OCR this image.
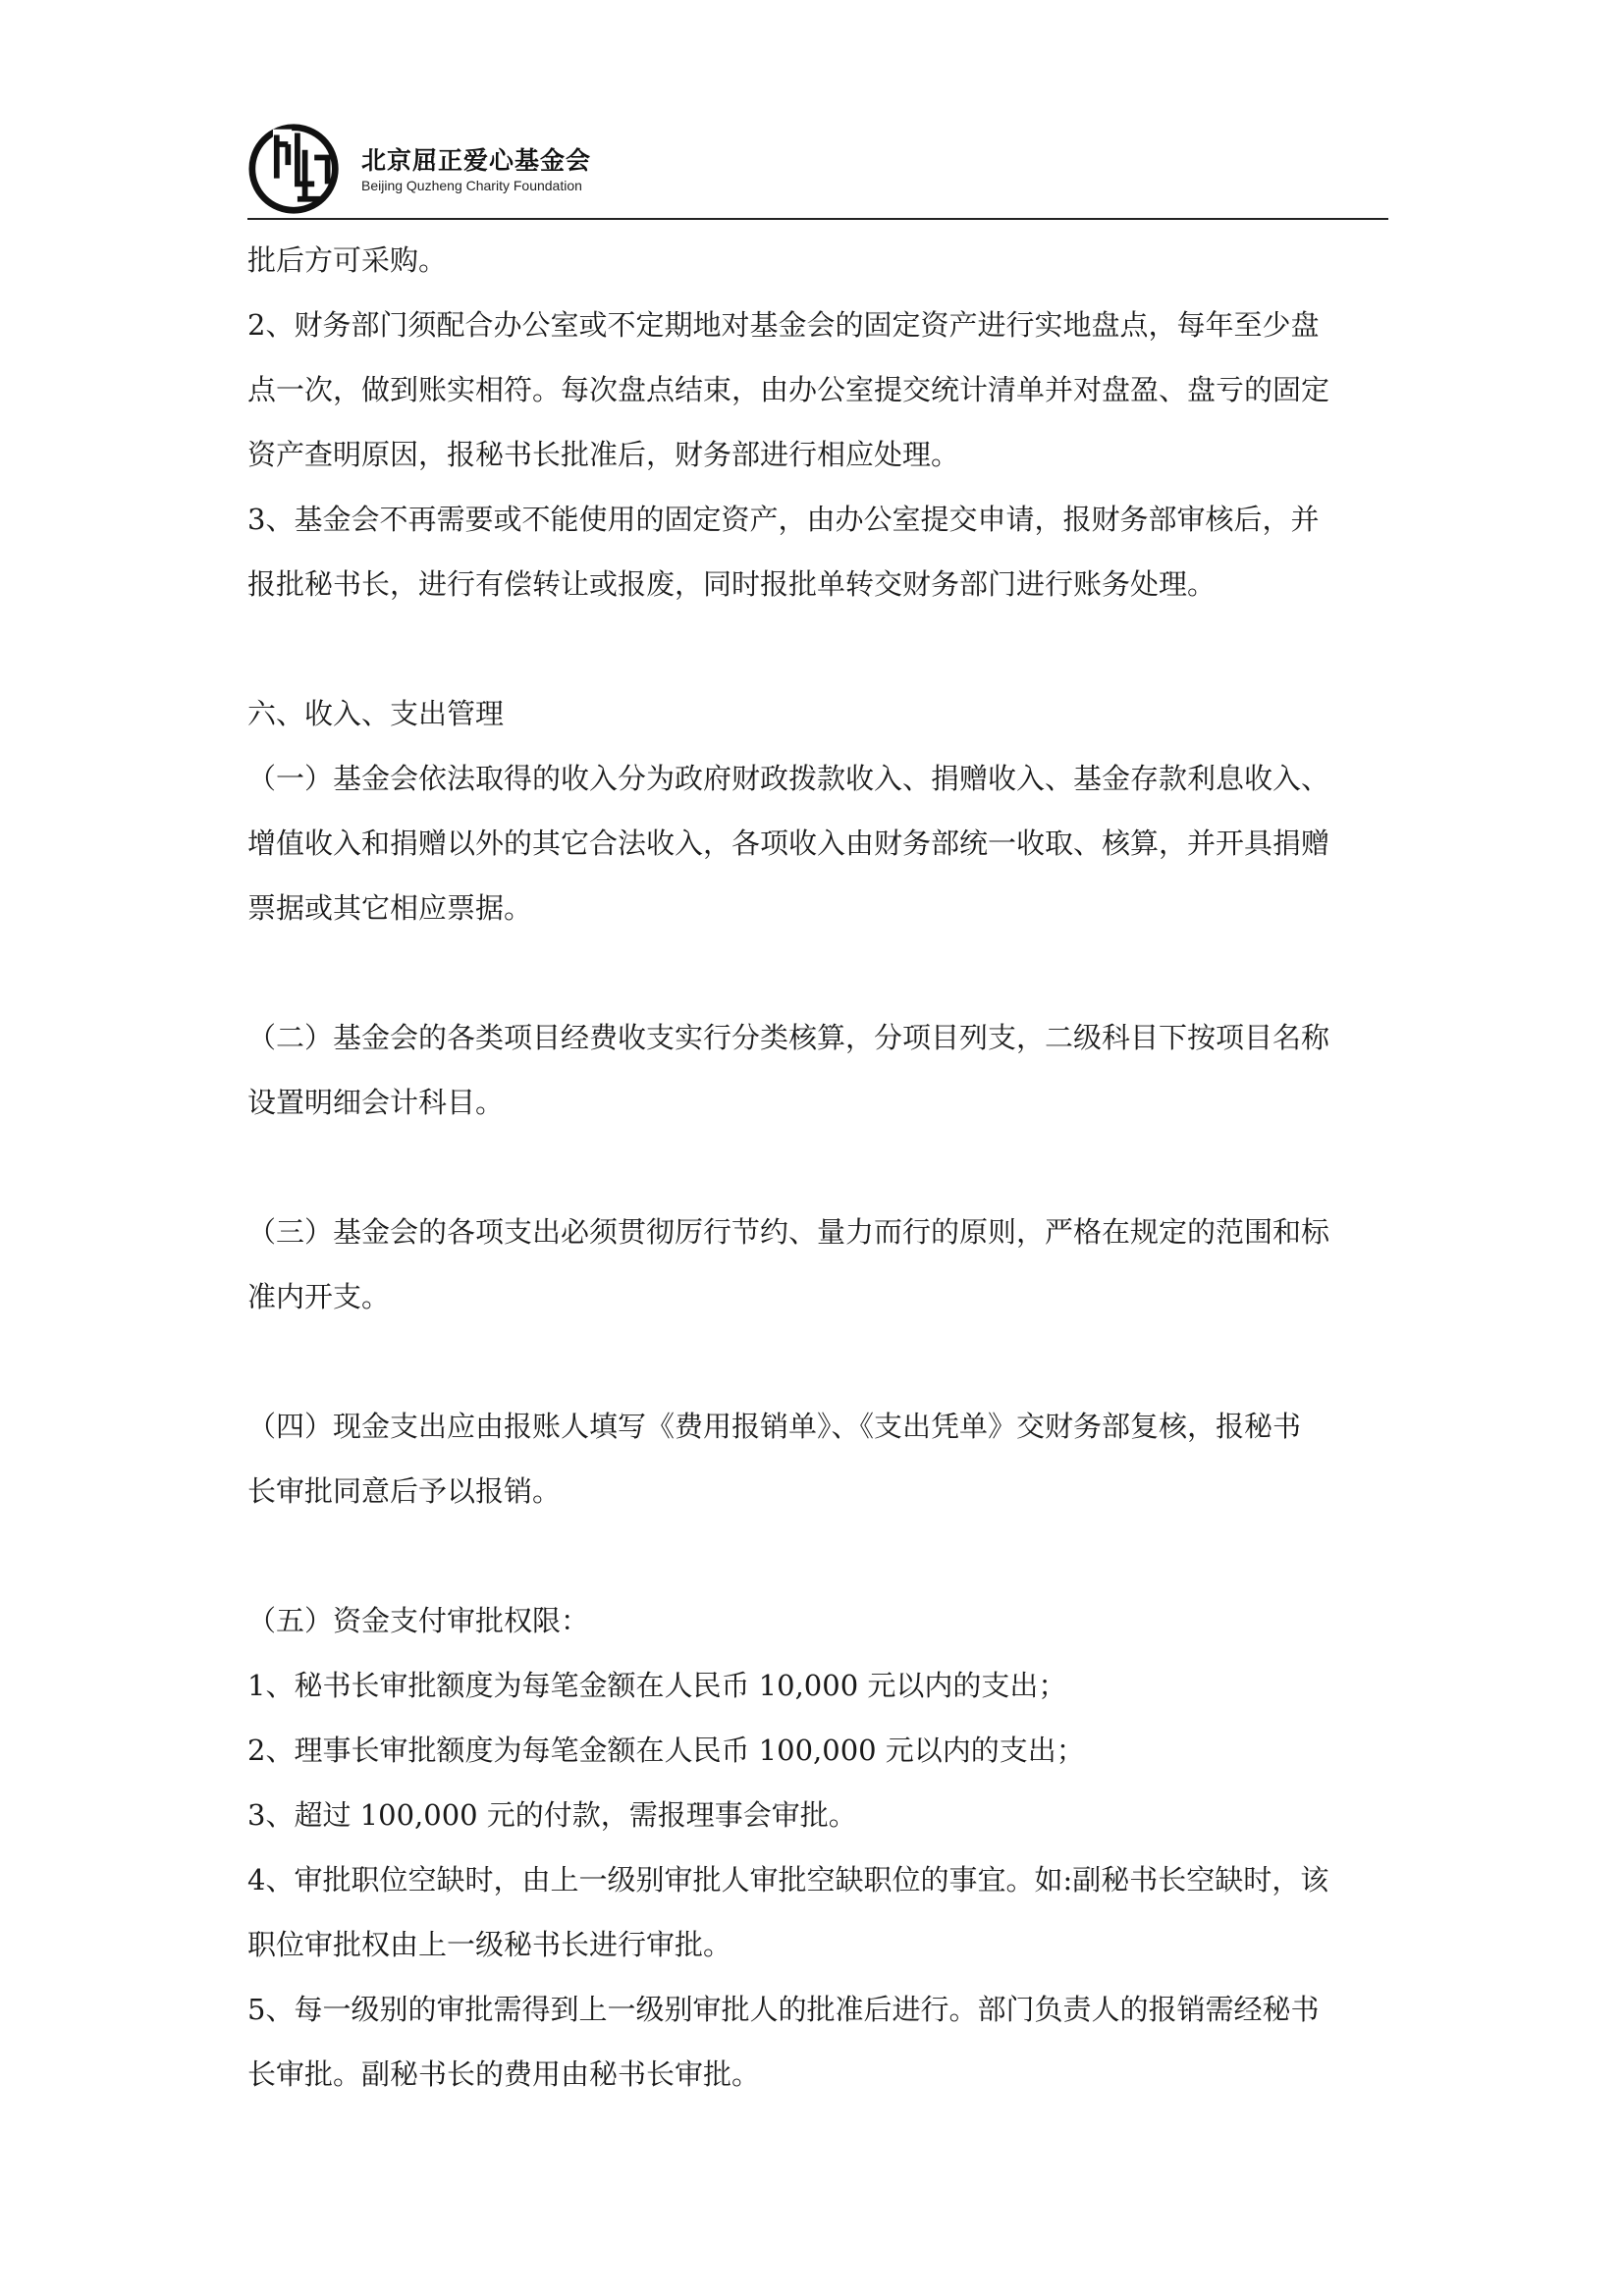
北京屈正爱心基金会
Beijing Quzheng Charity Foundation

批后方可采购。

2、财务部门须配合办公室或不定期地对基金会的固定资产进行实地盘点，每年至少盘

点一次，做到账实相符。每次盘点结束，由办公室提交统计清单并对盘盈、盘亏的固定

资产查明原因，报秘书长批准后，财务部进行相应处理。

3、基金会不再需要或不能使用的固定资产，由办公室提交申请，报财务部审核后，并

报批秘书长，进行有偿转让或报废，同时报批单转交财务部门进行账务处理。

六、收入、支出管理

（一）基金会依法取得的收入分为政府财政拨款收入、捐赠收入、基金存款利息收入、

增值收入和捐赠以外的其它合法收入，各项收入由财务部统一收取、核算，并开具捐赠

票据或其它相应票据。

（二）基金会的各类项目经费收支实行分类核算，分项目列支，二级科目下按项目名称

设置明细会计科目。

（三）基金会的各项支出必须贯彻厉行节约、量力而行的原则，严格在规定的范围和标

准内开支。

（四）现金支出应由报账人填写《费用报销单》、《支出凭单》交财务部复核，报秘书

长审批同意后予以报销。

（五）资金支付审批权限：

1、秘书长审批额度为每笔金额在人民币 10,000 元以内的支出；

2、理事长审批额度为每笔金额在人民币 100,000 元以内的支出；

3、超过 100,000 元的付款，需报理事会审批。

4、审批职位空缺时，由上一级别审批人审批空缺职位的事宜。如:副秘书长空缺时，该

职位审批权由上一级秘书长进行审批。

5、每一级别的审批需得到上一级别审批人的批准后进行。部门负责人的报销需经秘书

长审批。副秘书长的费用由秘书长审批。
